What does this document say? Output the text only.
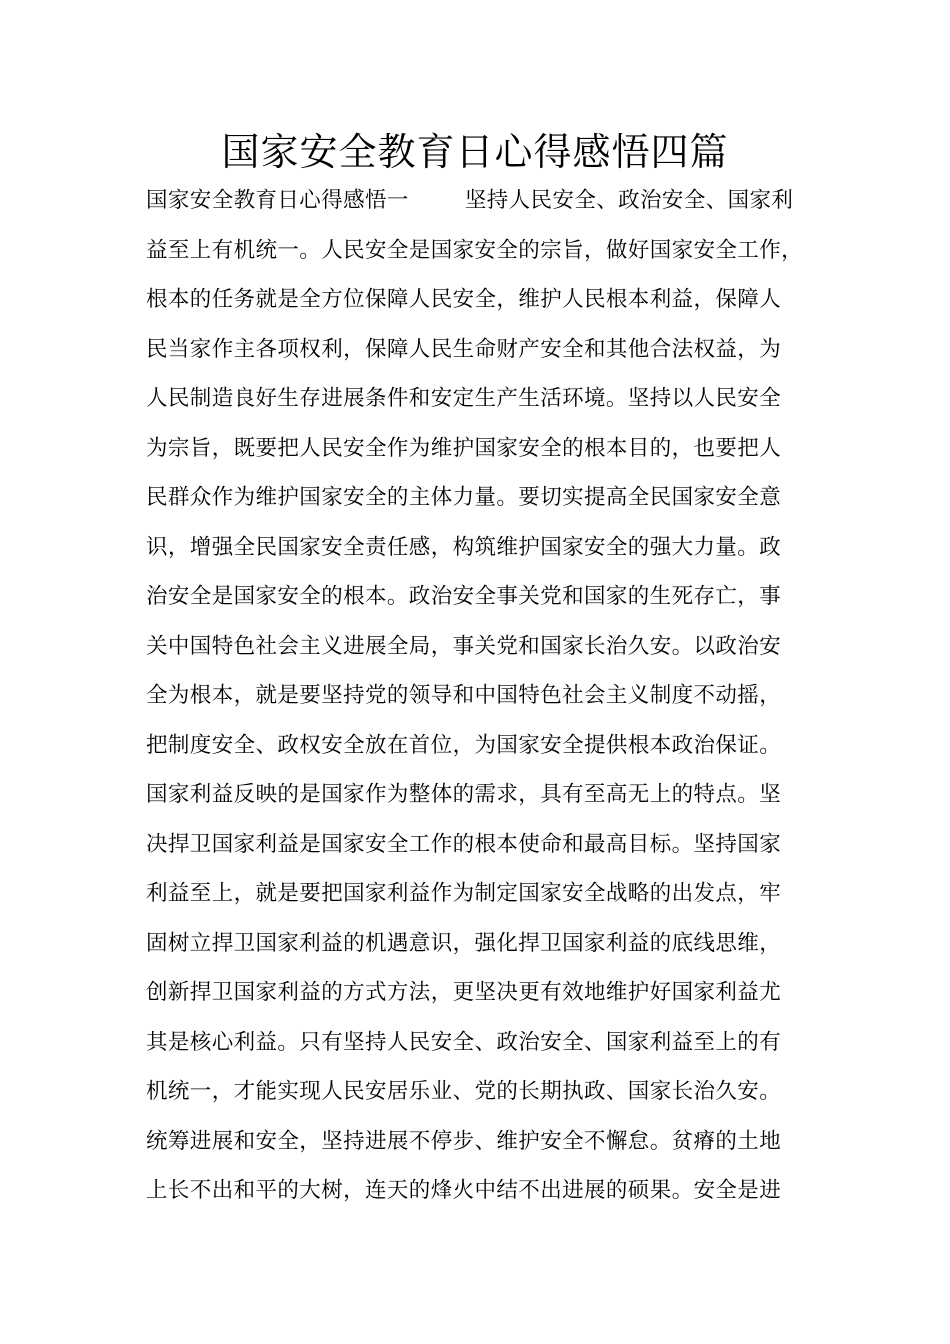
国家安全教育日心得感悟四篇
国家安全教育日心得感悟一	坚持人民安全、政治安全、国家利
益至上有机统一。人民安全是国家安全的宗旨，做好国家安全工作，
根本的任务就是全方位保障人民安全，维护人民根本利益，保障人
民当家作主各项权利，保障人民生命财产安全和其他合法权益，为
人民制造良好生存进展条件和安定生产生活环境。坚持以人民安全
为宗旨，既要把人民安全作为维护国家安全的根本目的，也要把人
民群众作为维护国家安全的主体力量。要切实提高全民国家安全意
识，增强全民国家安全责任感，构筑维护国家安全的强大力量。政
治安全是国家安全的根本。政治安全事关党和国家的生死存亡，事
关中国特色社会主义进展全局，事关党和国家长治久安。以政治安
全为根本，就是要坚持党的领导和中国特色社会主义制度不动摇，
把制度安全、政权安全放在首位，为国家安全提供根本政治保证。
国家利益反映的是国家作为整体的需求，具有至高无上的特点。坚
决捍卫国家利益是国家安全工作的根本使命和最高目标。坚持国家
利益至上，就是要把国家利益作为制定国家安全战略的出发点，牢
固树立捍卫国家利益的机遇意识，强化捍卫国家利益的底线思维，
创新捍卫国家利益的方式方法，更坚决更有效地维护好国家利益尤
其是核心利益。只有坚持人民安全、政治安全、国家利益至上的有
机统一，才能实现人民安居乐业、党的长期执政、国家长治久安。
统筹进展和安全，坚持进展不停步、维护安全不懈怠。贫瘠的土地
上长不出和平的大树，连天的烽火中结不出进展的硕果。安全是进
